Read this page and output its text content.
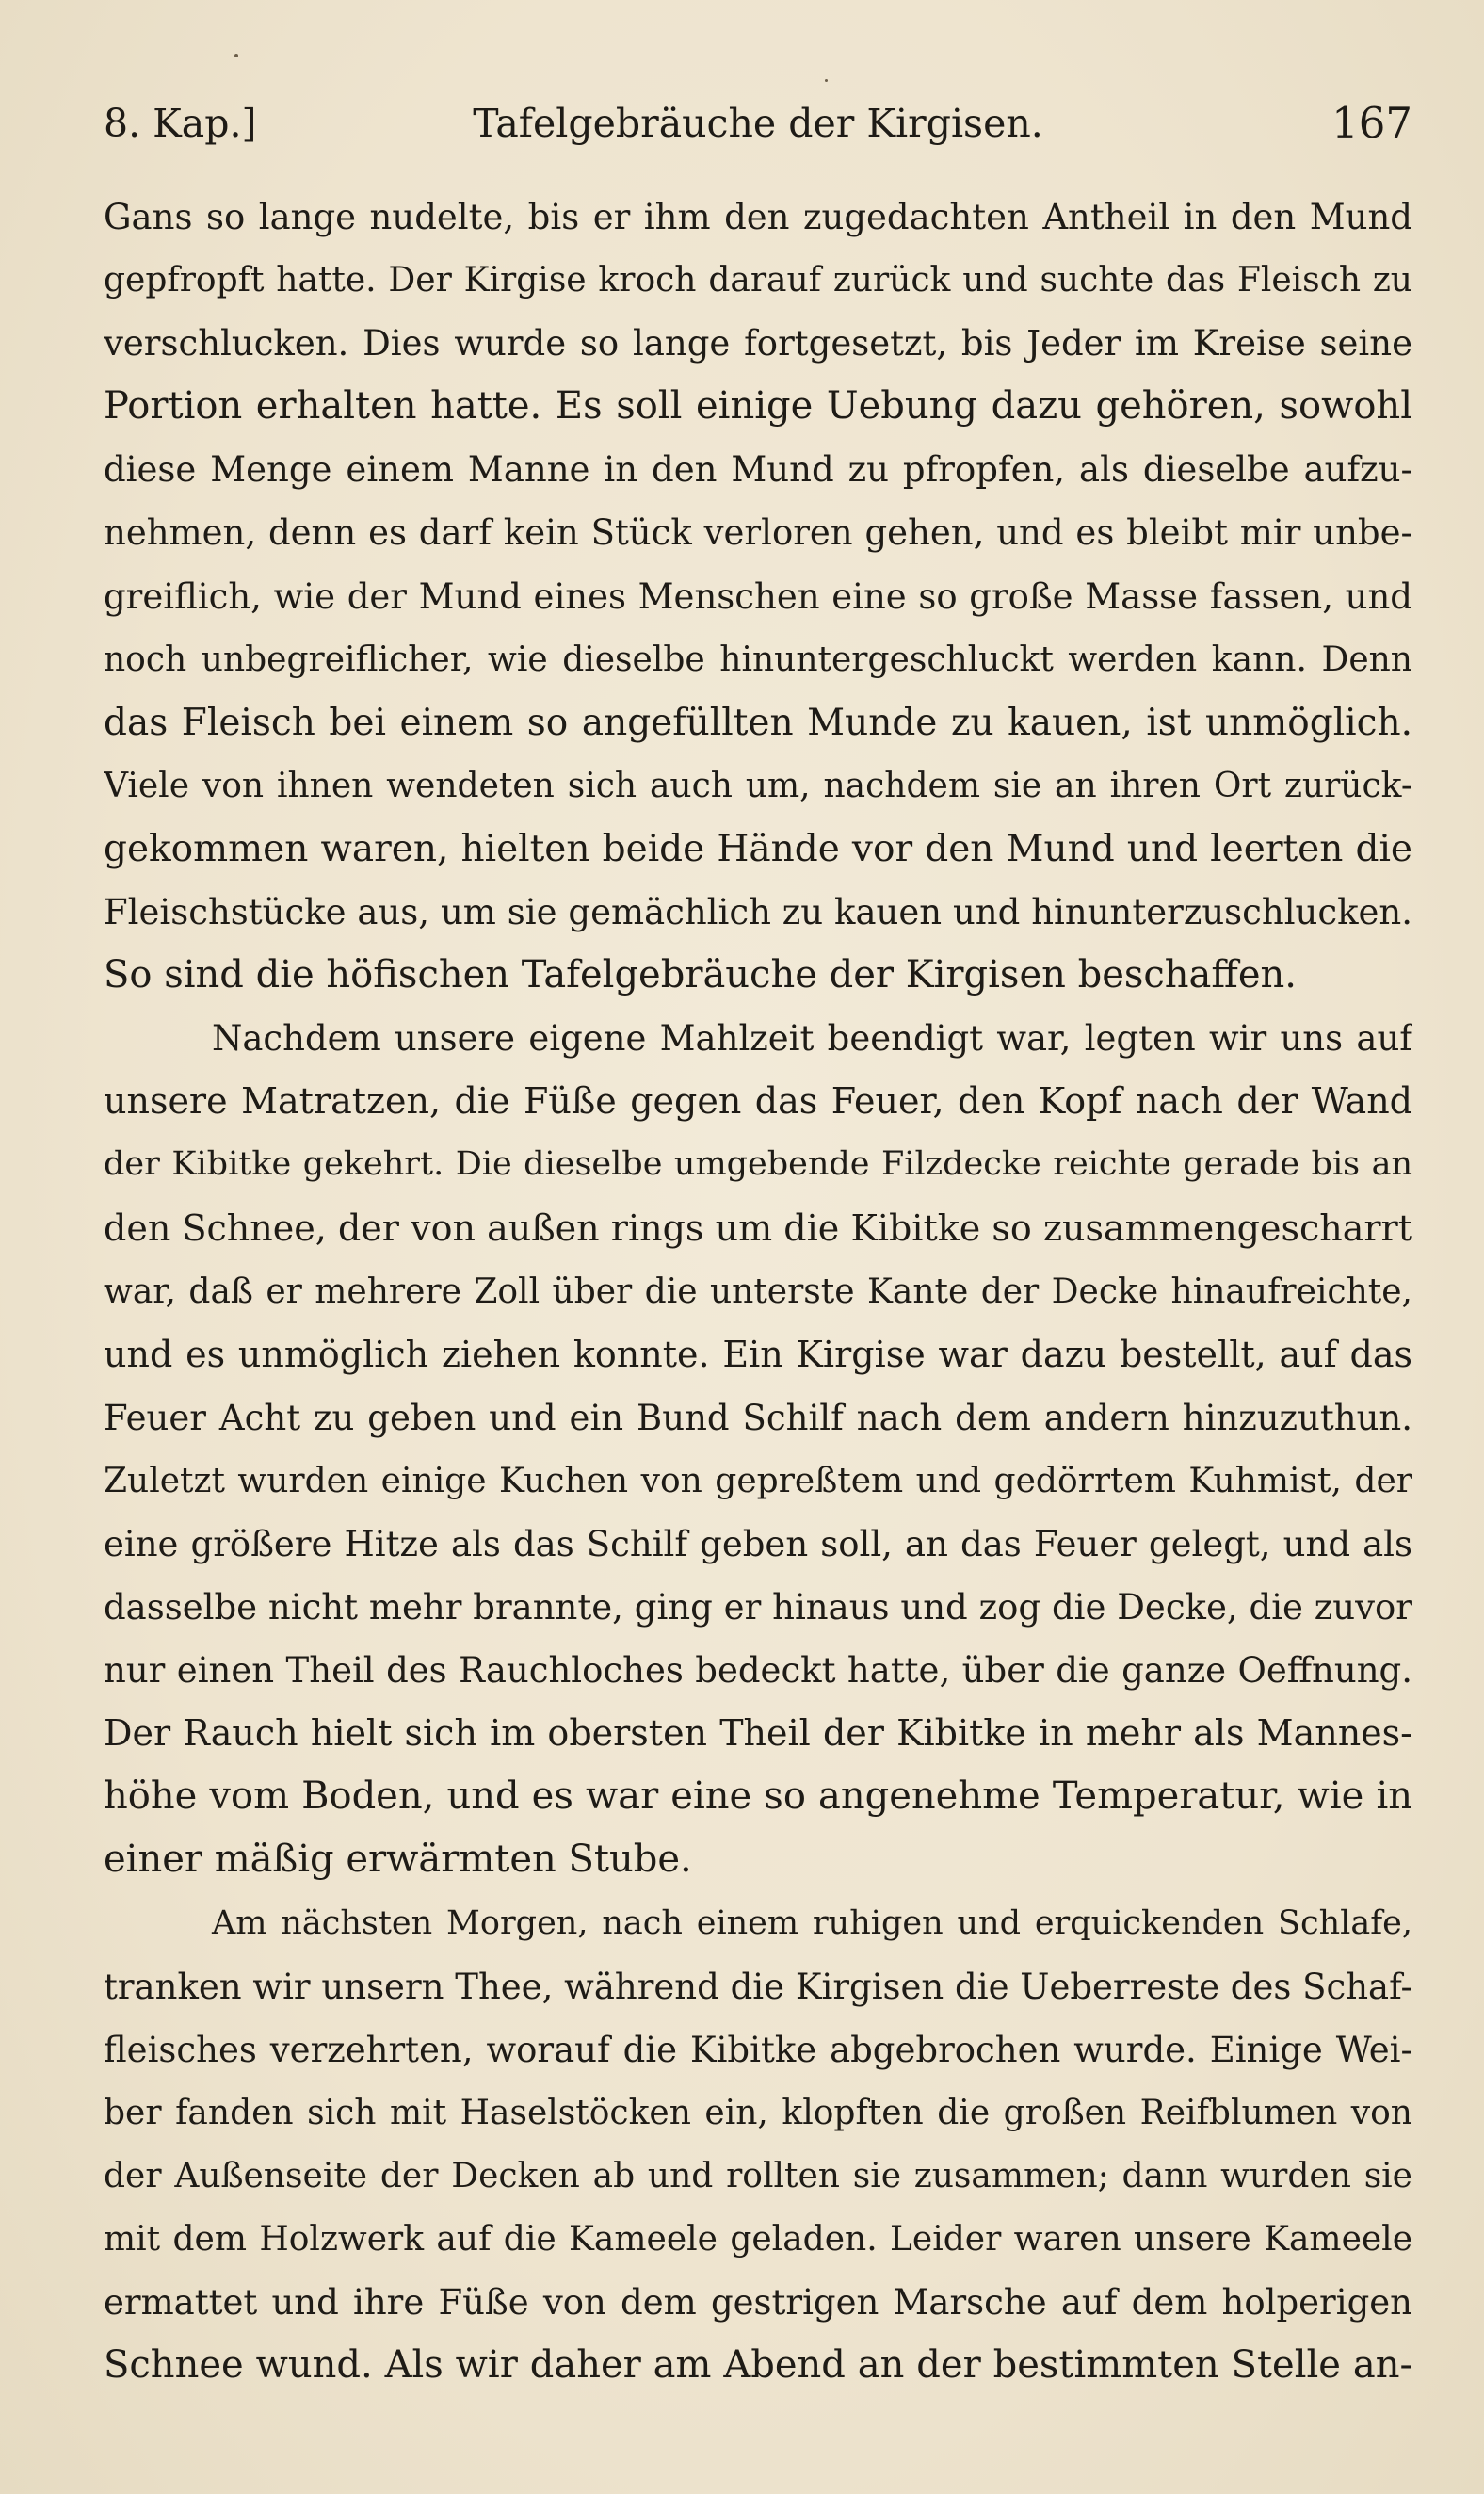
8. Kap.]	Tafelgebräuche der Kirgisen.	167
Gans so lange nudelte, bis er ihm den zugedachten Antheil in den Mund
gepfropft hatte. Der Kirgise kroch darauf zurück und suchte das Fleisch zu
verschlucken. Dies wurde so lange fortgesetzt, bis Jeder im Kreise seine
Portion erhalten hatte. Es soll einige Uebung dazu gehören, sowohl
diese Menge einem Manne in den Mund zu pfropfen, als dieselbe aufzu-
nehmen, denn es darf kein Stück verloren gehen, und es bleibt mir unbe-
greiflich, wie der Mund eines Menschen eine so große Masse fassen, und
noch unbegreiflicher, wie dieselbe hinuntergeschluckt werden kann. Denn
das Fleisch bei einem so angefüllten Munde zu kauen, ist unmöglich.
Viele von ihnen wendeten sich auch um, nachdem sie an ihren Ort zurück-
gekommen waren, hielten beide Hände vor den Mund und leerten die
Fleischstücke aus, um sie gemächlich zu kauen und hinunterzuschlucken.
So sind die höfischen Tafelgebräuche der Kirgisen beschaffen.
Nachdem unsere eigene Mahlzeit beendigt war, legten wir uns auf
unsere Matratzen, die Füße gegen das Feuer, den Kopf nach der Wand
der Kibitke gekehrt. Die dieselbe umgebende Filzdecke reichte gerade bis an
den Schnee, der von außen rings um die Kibitke so zusammengescharrt
war, daß er mehrere Zoll über die unterste Kante der Decke hinaufreichte,
und es unmöglich ziehen konnte. Ein Kirgise war dazu bestellt, auf das
Feuer Acht zu geben und ein Bund Schilf nach dem andern hinzuzuthun.
Zuletzt wurden einige Kuchen von gepreßtem und gedörrtem Kuhmist, der
eine größere Hitze als das Schilf geben soll, an das Feuer gelegt, und als
dasselbe nicht mehr brannte, ging er hinaus und zog die Decke, die zuvor
nur einen Theil des Rauchloches bedeckt hatte, über die ganze Oeffnung.
Der Rauch hielt sich im obersten Theil der Kibitke in mehr als Mannes-
höhe vom Boden, und es war eine so angenehme Temperatur, wie in
einer mäßig erwärmten Stube.
Am nächsten Morgen, nach einem ruhigen und erquickenden Schlafe,
tranken wir unsern Thee, während die Kirgisen die Ueberreste des Schaf-
fleisches verzehrten, worauf die Kibitke abgebrochen wurde. Einige Wei-
ber fanden sich mit Haselstöcken ein, klopften die großen Reifblumen von
der Außenseite der Decken ab und rollten sie zusammen; dann wurden sie
mit dem Holzwerk auf die Kameele geladen. Leider waren unsere Kameele
ermattet und ihre Füße von dem gestrigen Marsche auf dem holperigen
Schnee wund. Als wir daher am Abend an der bestimmten Stelle an-
